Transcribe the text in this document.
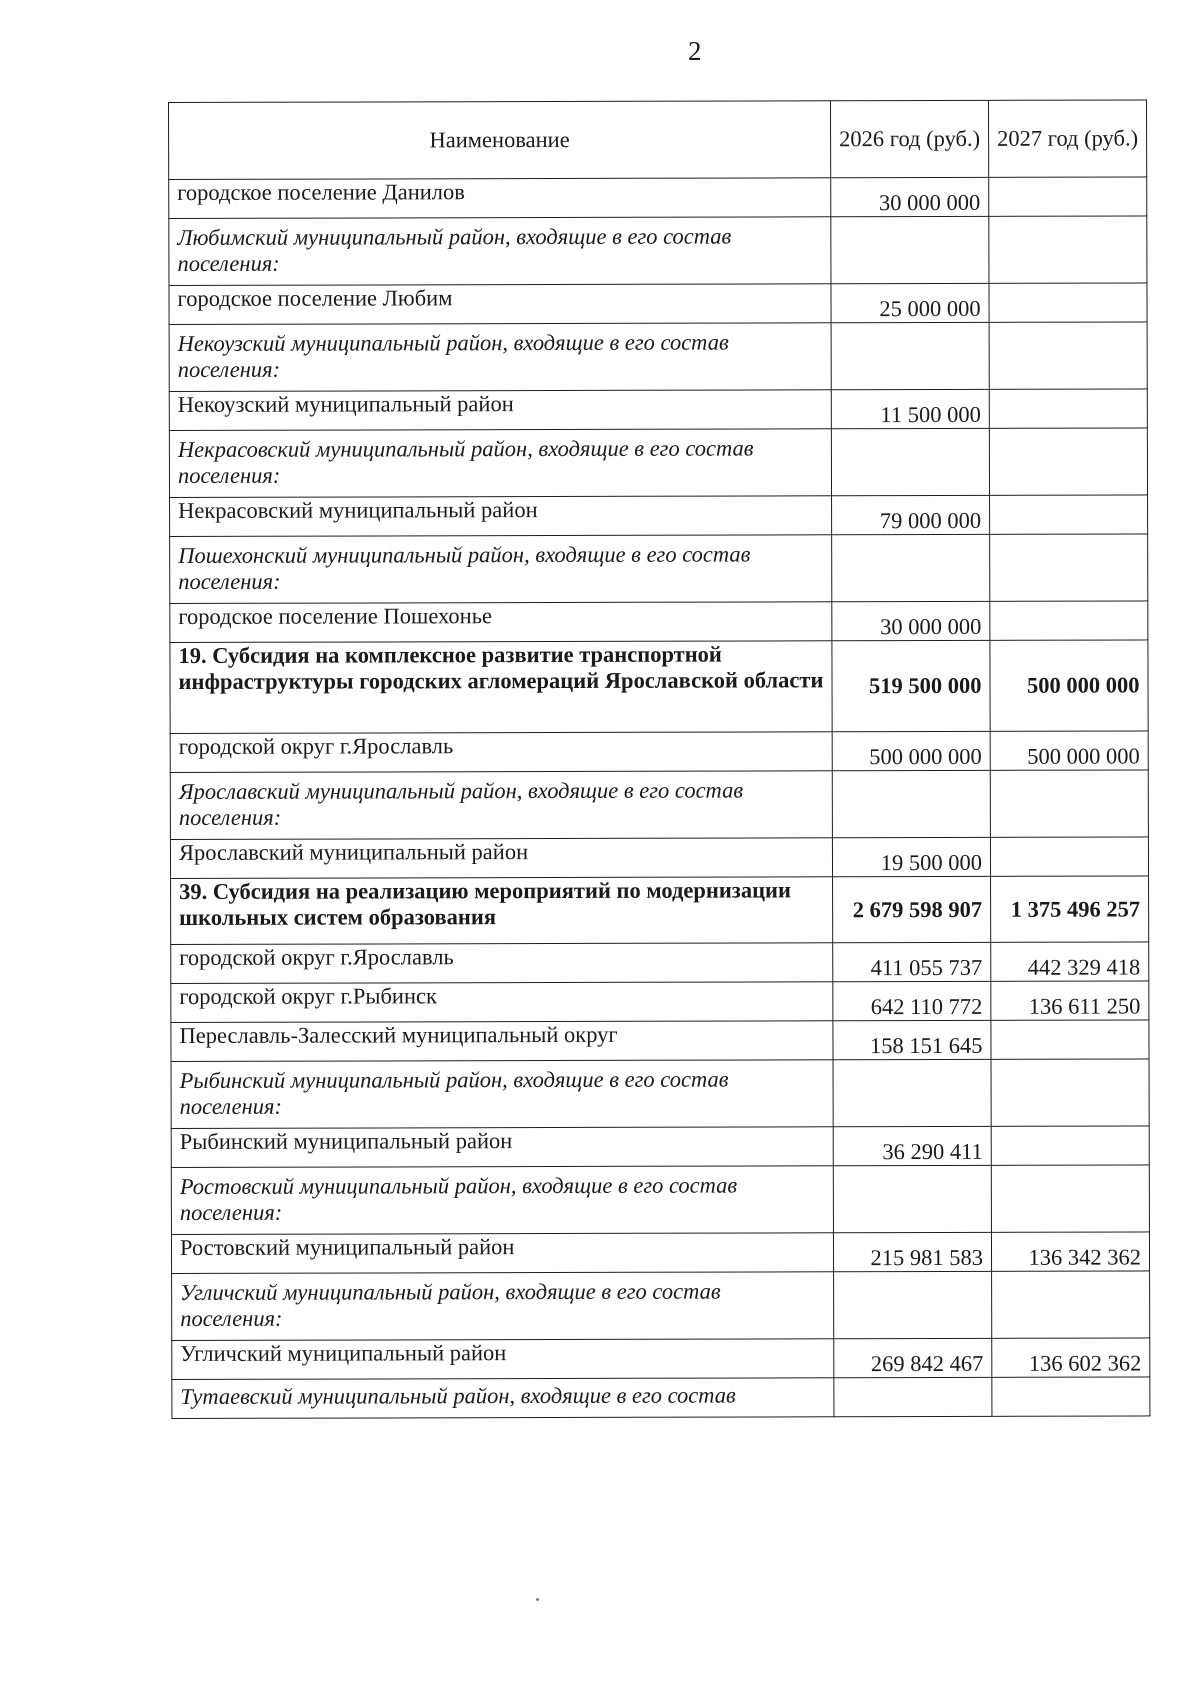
2
Наименование	2026 год (руб.)	2027 год (руб.)
городское поселение Данилов	30 000 000	
Любимский муниципальный район, входящие в его состав поселения:		
городское поселение Любим	25 000 000	
Некоузский муниципальный район, входящие в его состав поселения:		
Некоузский муниципальный район	11 500 000	
Некрасовский муниципальный район, входящие в его состав поселения:		
Некрасовский муниципальный район	79 000 000	
Пошехонский муниципальный район, входящие в его состав поселения:		
городское поселение Пошехонье	30 000 000	
19. Субсидия на комплексное развитие транспортной инфраструктуры городских агломераций Ярославской области	519 500 000	500 000 000
городской округ г.Ярославль	500 000 000	500 000 000
Ярославский муниципальный район, входящие в его состав поселения:		
Ярославский муниципальный район	19 500 000	
39. Субсидия на реализацию мероприятий по модернизации школьных систем образования	2 679 598 907	1 375 496 257
городской округ г.Ярославль	411 055 737	442 329 418
городской округ г.Рыбинск	642 110 772	136 611 250
Переславль-Залесский муниципальный округ	158 151 645	
Рыбинский муниципальный район, входящие в его состав поселения:		
Рыбинский муниципальный район	36 290 411	
Ростовский муниципальный район, входящие в его состав поселения:		
Ростовский муниципальный район	215 981 583	136 342 362
Угличский муниципальный район, входящие в его состав поселения:		
Угличский муниципальный район	269 842 467	136 602 362
Тутаевский муниципальный район, входящие в его состав		
